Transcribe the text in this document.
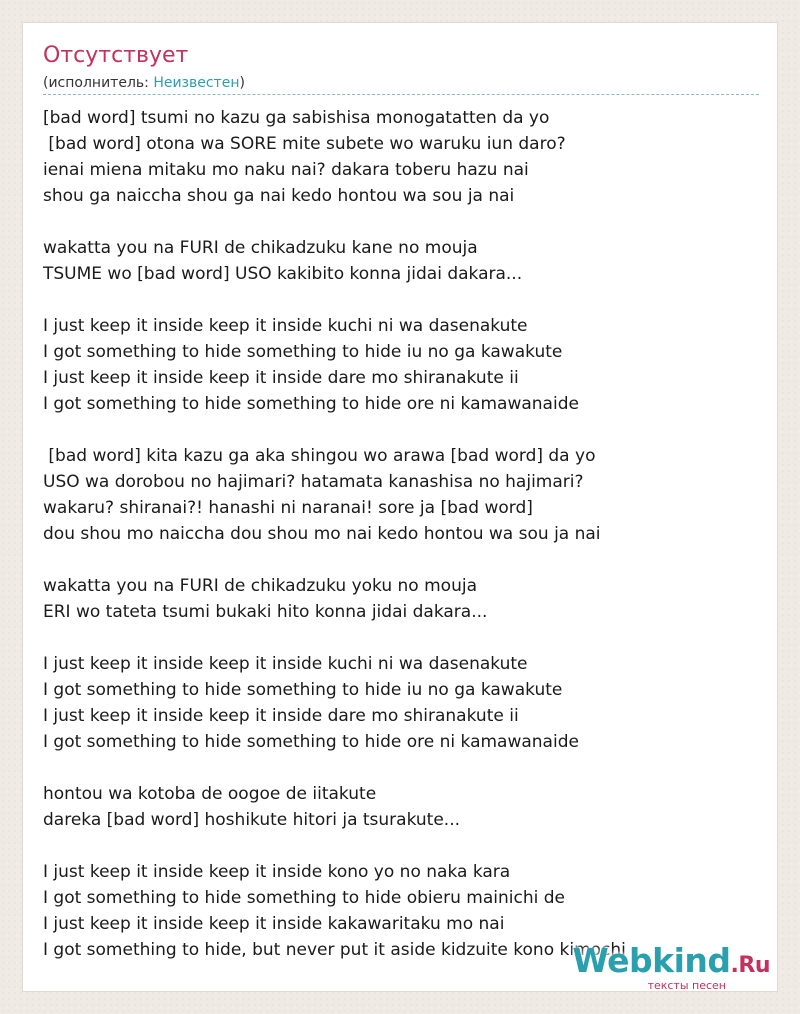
Отсутствует
(исполнитель: Неизвестен)
[bad word] tsumi no kazu ga sabishisa monogatatten da yo
[bad word] otona wa SORE mite subete wo waruku iun daro?
ienai miena mitaku mo naku nai? dakara toberu hazu nai
shou ga naiccha shou ga nai kedo hontou wa sou ja nai
wakatta you na FURI de chikadzuku kane no mouja
TSUME wo [bad word] USO kakibito konna jidai dakara...
I just keep it inside keep it inside kuchi ni wa dasenakute
I got something to hide something to hide iu no ga kawakute
I just keep it inside keep it inside dare mo shiranakute ii
I got something to hide something to hide ore ni kamawanaide
[bad word] kita kazu ga aka shingou wo arawa [bad word] da yo
USO wa dorobou no hajimari? hatamata kanashisa no hajimari?
wakaru? shiranai?! hanashi ni naranai! sore ja [bad word]
dou shou mo naiccha dou shou mo nai kedo hontou wa sou ja nai
wakatta you na FURI de chikadzuku yoku no mouja
ERI wo tateta tsumi bukaki hito konna jidai dakara...
I just keep it inside keep it inside kuchi ni wa dasenakute
I got something to hide something to hide iu no ga kawakute
I just keep it inside keep it inside dare mo shiranakute ii
I got something to hide something to hide ore ni kamawanaide
hontou wa kotoba de oogoe de iitakute
dareka [bad word] hoshikute hitori ja tsurakute...
I just keep it inside keep it inside kono yo no naka kara
I got something to hide something to hide obieru mainichi de
I just keep it inside keep it inside kakawaritaku mo nai
I got something to hide, but never put it aside kidzuite kono kimochi
Webkind.Ru
тексты песен
